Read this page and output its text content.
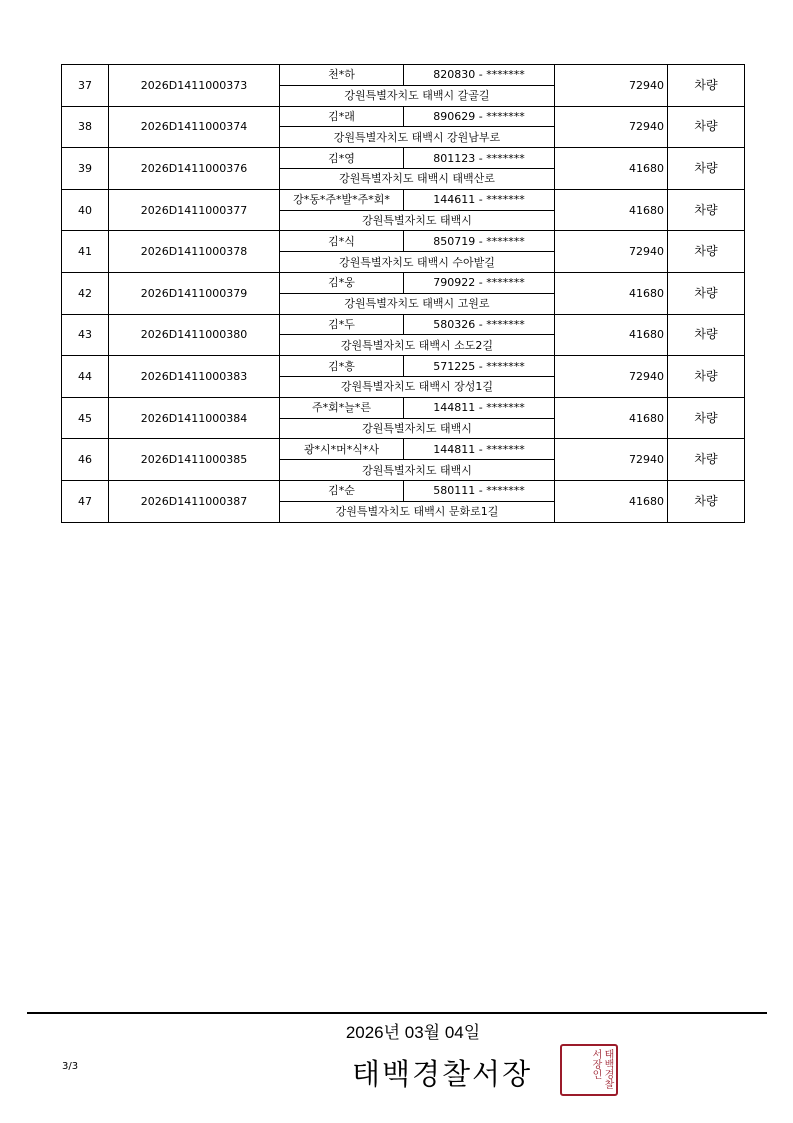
37	2026D1411000373	천*하	820830 - *******	72940	차량
		강원특별자치도 태백시 갈골길			
38	2026D1411000374	김*래	890629 - *******	72940	차량
		강원특별자치도 태백시 강원남부로			
39	2026D1411000376	김*영	801123 - *******	41680	차량
		강원특별자치도 태백시 태백산로			
40	2026D1411000377	강*동*주*발*주*회*	144611 - *******	41680	차량
		강원특별자치도 태백시			
41	2026D1411000378	김*식	850719 - *******	72940	차량
		강원특별자치도 태백시 수아밭길			
42	2026D1411000379	김*웅	790922 - *******	41680	차량
		강원특별자치도 태백시 고원로			
43	2026D1411000380	김*두	580326 - *******	41680	차량
		강원특별자치도 태백시 소도2길			
44	2026D1411000383	김*흥	571225 - *******	72940	차량
		강원특별자치도 태백시 장성1길			
45	2026D1411000384	주*회*늘*른	144811 - *******	41680	차량
		강원특별자치도 태백시			
46	2026D1411000385	광*시*머*식*사	144811 - *******	72940	차량
		강원특별자치도 태백시			
47	2026D1411000387	김*순	580111 - *******	41680	차량
		강원특별자치도 태백시 문화로1길			
2026년 03월 04일
3/3	태백경찰서장	태백경찰서장인
